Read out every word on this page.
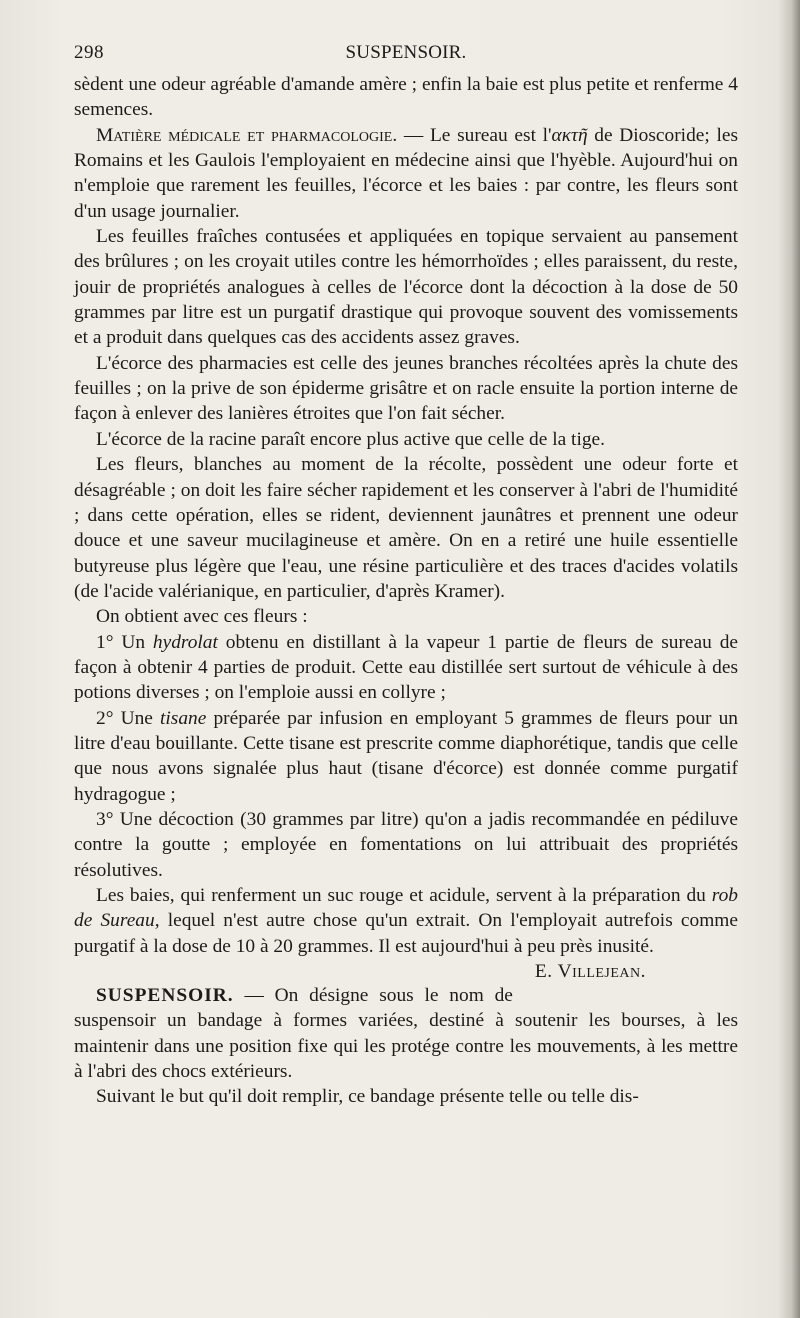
298	SUSPENSOIR.

sèdent une odeur agréable d'amande amère ; enfin la baie est plus petite et renferme 4 semences.

Matière médicale et pharmacologie. — Le sureau est l'ακτῆ de Dioscoride; les Romains et les Gaulois l'employaient en médecine ainsi que l'hyèble. Aujourd'hui on n'emploie que rarement les feuilles, l'écorce et les baies : par contre, les fleurs sont d'un usage journalier.

Les feuilles fraîches contusées et appliquées en topique servaient au pansement des brûlures ; on les croyait utiles contre les hémorrhoïdes ; elles paraissent, du reste, jouir de propriétés analogues à celles de l'écorce dont la décoction à la dose de 50 grammes par litre est un purgatif drastique qui provoque souvent des vomissements et a produit dans quelques cas des accidents assez graves.

L'écorce des pharmacies est celle des jeunes branches récoltées après la chute des feuilles ; on la prive de son épiderme grisâtre et on racle ensuite la portion interne de façon à enlever des lanières étroites que l'on fait sécher.

L'écorce de la racine paraît encore plus active que celle de la tige.

Les fleurs, blanches au moment de la récolte, possèdent une odeur forte et désagréable ; on doit les faire sécher rapidement et les conserver à l'abri de l'humidité ; dans cette opération, elles se rident, deviennent jaunâtres et prennent une odeur douce et une saveur mucilagineuse et amère. On en a retiré une huile essentielle butyreuse plus légère que l'eau, une résine particulière et des traces d'acides volatils (de l'acide valérianique, en particulier, d'après Kramer).

On obtient avec ces fleurs :

1° Un hydrolat obtenu en distillant à la vapeur 1 partie de fleurs de sureau de façon à obtenir 4 parties de produit. Cette eau distillée sert surtout de véhicule à des potions diverses ; on l'emploie aussi en collyre ;

2° Une tisane préparée par infusion en employant 5 grammes de fleurs pour un litre d'eau bouillante. Cette tisane est prescrite comme diaphorétique, tandis que celle que nous avons signalée plus haut (tisane d'écorce) est donnée comme purgatif hydragogue ;

3° Une décoction (30 grammes par litre) qu'on a jadis recommandée en pédiluve contre la goutte ; employée en fomentations on lui attribuait des propriétés résolutives.

Les baies, qui renferment un suc rouge et acidule, servent à la préparation du rob de Sureau, lequel n'est autre chose qu'un extrait. On l'employait autrefois comme purgatif à la dose de 10 à 20 grammes. Il est aujourd'hui à peu près inusité.
E. Villejean.

SUSPENSOIR. — On désigne sous le nom de suspensoir un bandage à formes variées, destiné à soutenir les bourses, à les maintenir dans une position fixe qui les protége contre les mouvements, à les mettre à l'abri des chocs extérieurs.

Suivant le but qu'il doit remplir, ce bandage présente telle ou telle dis-
